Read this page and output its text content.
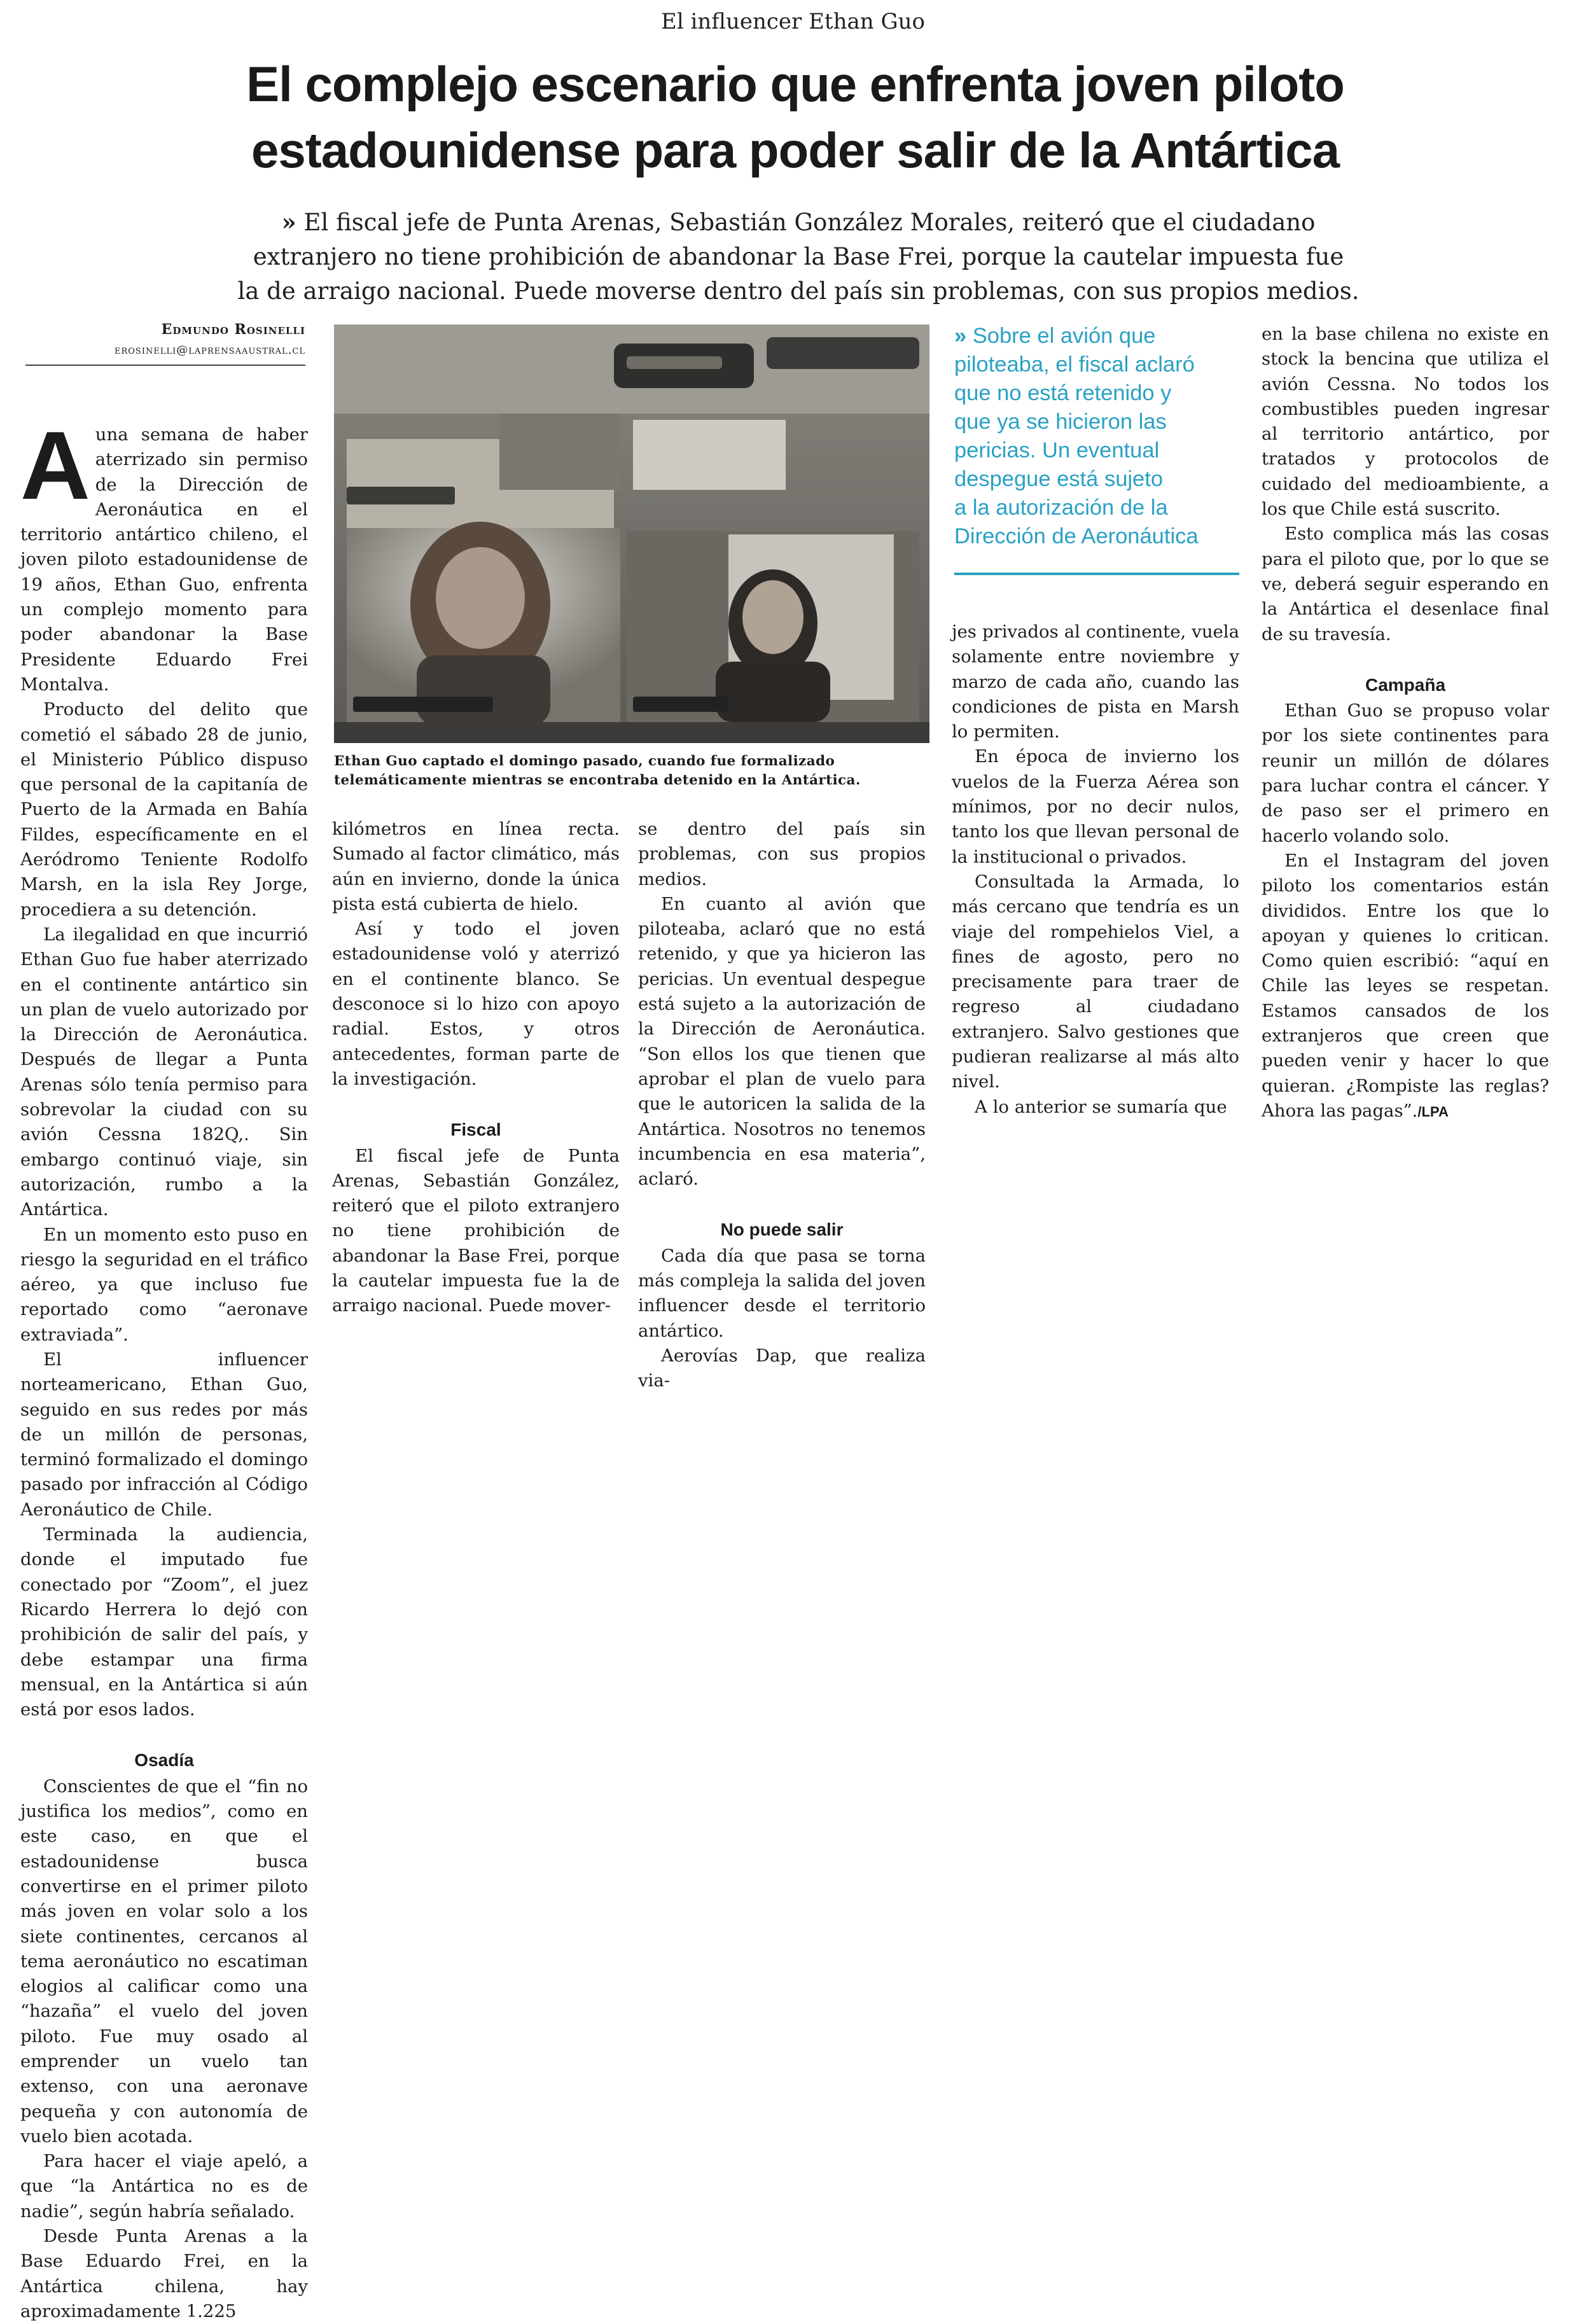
El influencer Ethan Guo
El complejo escenario que enfrenta joven piloto
estadounidense para poder salir de la Antártica
» El fiscal jefe de Punta Arenas, Sebastián González Morales, reiteró que el ciudadano
extranjero no tiene prohibición de abandonar la Base Frei, porque la cautelar impuesta fue
la de arraigo nacional. Puede moverse dentro del país sin problemas, con sus propios medios.
Edmundo Rosinelli
erosinelli@laprensaaustral.cl

A una semana de haber aterrizado sin permiso de la Dirección de Aeronáutica en el territorio antártico chileno, el joven piloto estadounidense de 19 años, Ethan Guo, enfrenta un complejo momento para poder abandonar la Base Presidente Eduardo Frei Montalva.

Producto del delito que cometió el sábado 28 de junio, el Ministerio Público dispuso que personal de la capitanía de Puerto de la Armada en Bahía Fildes, específicamente en el Aeródromo Teniente Rodolfo Marsh, en la isla Rey Jorge, procediera a su detención.

La ilegalidad en que incurrió Ethan Guo fue haber aterrizado en el continente antártico sin un plan de vuelo autorizado por la Dirección de Aeronáutica. Después de llegar a Punta Arenas sólo tenía permiso para sobrevolar la ciudad con su avión Cessna 182Q,. Sin embargo continuó viaje, sin autorización, rumbo a la Antártica.

En un momento esto puso en riesgo la seguridad en el tráfico aéreo, ya que incluso fue reportado como “aeronave extraviada”.

El influencer norteamericano, Ethan Guo, seguido en sus redes por más de un millón de personas, terminó formalizado el domingo pasado por infracción al Código Aeronáutico de Chile.

Terminada la audiencia, donde el imputado fue conectado por “Zoom”, el juez Ricardo Herrera lo dejó con prohibición de salir del país, y debe estampar una firma mensual, en la Antártica si aún está por esos lados.

Osadía

Conscientes de que el “fin no justifica los medios”, como en este caso, en que el estadounidense busca convertirse en el primer piloto más joven en volar solo a los siete continentes, cercanos al tema aeronáutico no escatiman elogios al calificar como una “hazaña” el vuelo del joven piloto. Fue muy osado al emprender un vuelo tan extenso, con una aeronave pequeña y con autonomía de vuelo bien acotada.

Para hacer el viaje apeló, a que “la Antártica no es de nadie”, según habría señalado.

Desde Punta Arenas a la Base Eduardo Frei, en la Antártica chilena, hay aproximadamente 1.225

Ethan Guo captado el domingo pasado, cuando fue formalizado
telemáticamente mientras se encontraba detenido en la Antártica.

kilómetros en línea recta. Sumado al factor climático, más aún en invierno, donde la única pista está cubierta de hielo.

Así y todo el joven estadounidense voló y aterrizó en el continente blanco. Se desconoce si lo hizo con apoyo radial. Estos, y otros antecedentes, forman parte de la investigación.

Fiscal

El fiscal jefe de Punta Arenas, Sebastián González, reiteró que el piloto extranjero no tiene prohibición de abandonar la Base Frei, porque la cautelar impuesta fue la de arraigo nacional. Puede mover-

se dentro del país sin problemas, con sus propios medios.

En cuanto al avión que piloteaba, aclaró que no está retenido, y que ya hicieron las pericias. Un eventual despegue está sujeto a la autorización de la Dirección de Aeronáutica. “Son ellos los que tienen que aprobar el plan de vuelo para que le autoricen la salida de la Antártica. Nosotros no tenemos incumbencia en esa materia”, aclaró.

No puede salir

Cada día que pasa se torna más compleja la salida del joven influencer desde el territorio antártico.

Aerovías Dap, que realiza via-

» Sobre el avión que
piloteaba, el fiscal aclaró
que no está retenido y
que ya se hicieron las
pericias. Un eventual
despegue está sujeto
a la autorización de la
Dirección de Aeronáutica

jes privados al continente, vuela solamente entre noviembre y marzo de cada año, cuando las condiciones de pista en Marsh lo permiten.

En época de invierno los vuelos de la Fuerza Aérea son mínimos, por no decir nulos, tanto los que llevan personal de la institucional o privados.

Consultada la Armada, lo más cercano que tendría es un viaje del rompehielos Viel, a fines de agosto, pero no precisamente para traer de regreso al ciudadano extranjero. Salvo gestiones que pudieran realizarse al más alto nivel.

A lo anterior se sumaría que

en la base chilena no existe en stock la bencina que utiliza el avión Cessna. No todos los combustibles pueden ingresar al territorio antártico, por tratados y protocolos de cuidado del medioambiente, a los que Chile está suscrito.

Esto complica más las cosas para el piloto que, por lo que se ve, deberá seguir esperando en la Antártica el desenlace final de su travesía.

Campaña

Ethan Guo se propuso volar por los siete continentes para reunir un millón de dólares para luchar contra el cáncer. Y de paso ser el primero en hacerlo volando solo.

En el Instagram del joven piloto los comentarios están divididos. Entre los que lo apoyan y quienes lo critican. Como quien escribió: “aquí en Chile las leyes se respetan. Estamos cansados de los extranjeros que creen que pueden venir y hacer lo que quieran. ¿Rompiste las reglas? Ahora las pagas”./LPA
